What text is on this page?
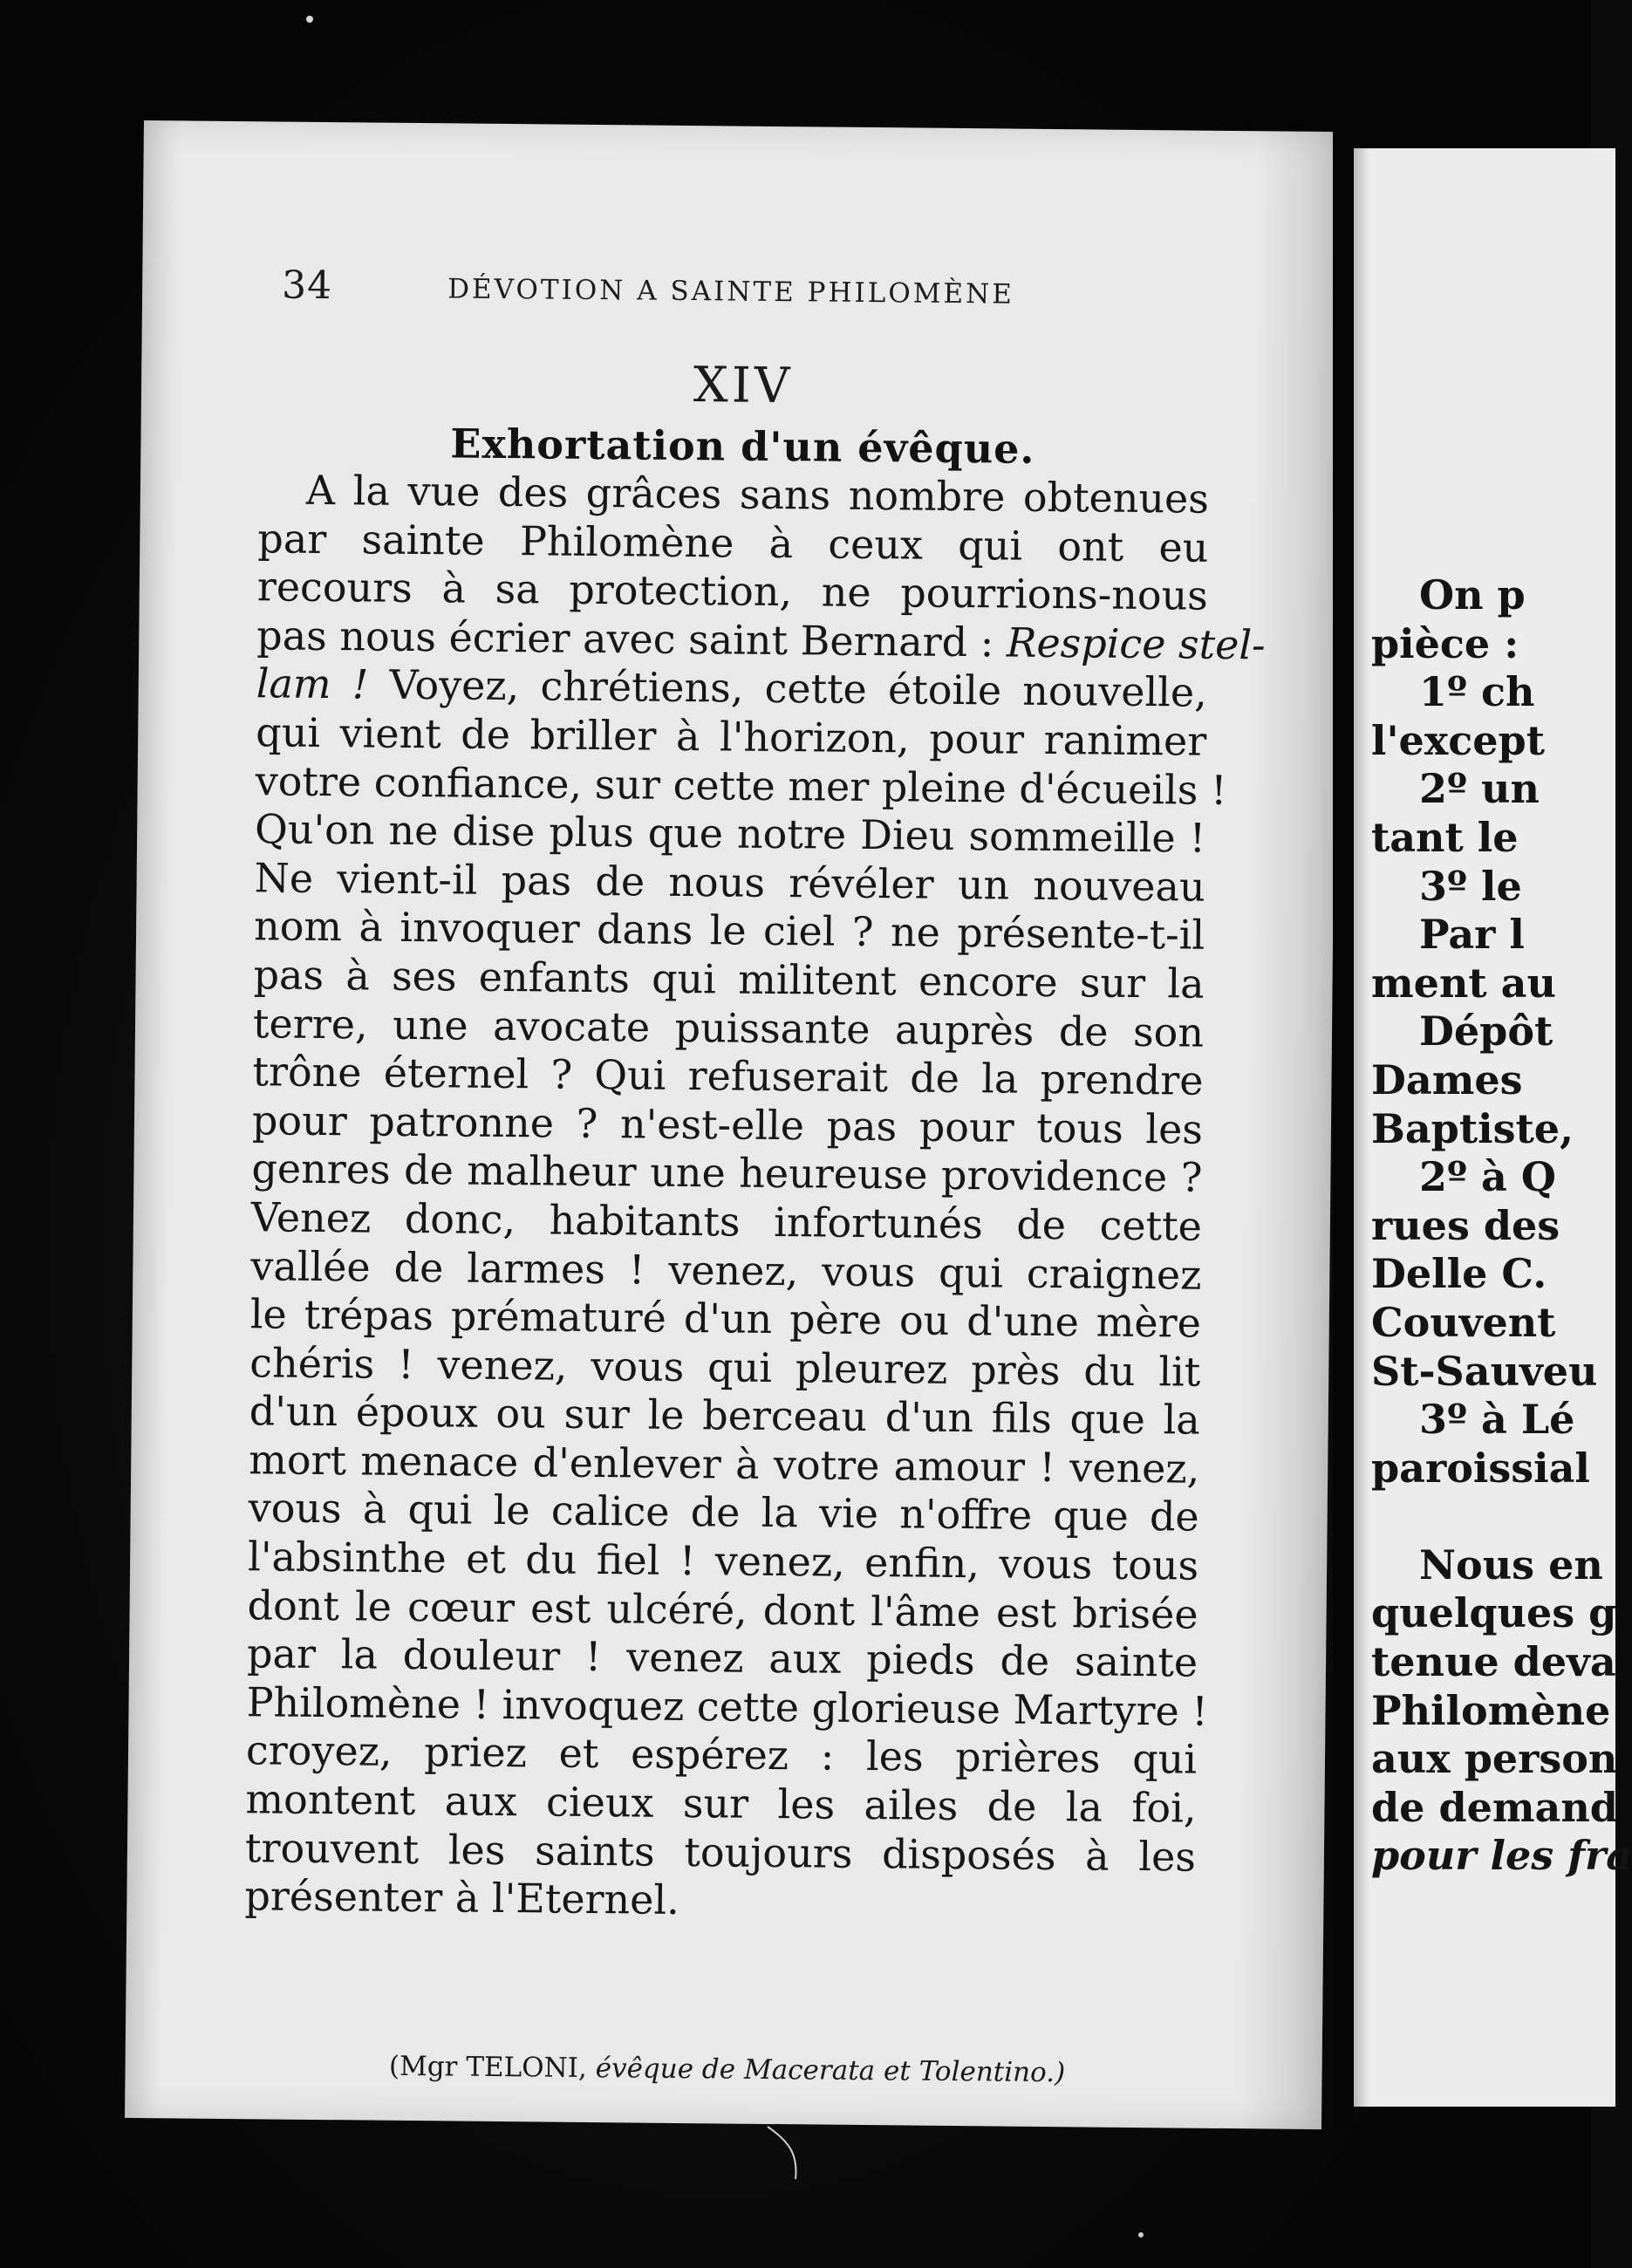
34	DÉVOTION A SAINTE PHILOMÈNE
XIV
Exhortation d'un évêque.
A la vue des grâces sans nombre obtenues
par sainte Philomène à ceux qui ont eu
recours à sa protection, ne pourrions-nous
pas nous écrier avec saint Bernard : Respice stel-
lam ! Voyez, chrétiens, cette étoile nouvelle,
qui vient de briller à l'horizon, pour ranimer
votre confiance, sur cette mer pleine d'écueils !
Qu'on ne dise plus que notre Dieu sommeille !
Ne vient-il pas de nous révéler un nouveau
nom à invoquer dans le ciel ? ne présente-t-il
pas à ses enfants qui militent encore sur la
terre, une avocate puissante auprès de son
trône éternel ? Qui refuserait de la prendre
pour patronne ? n'est-elle pas pour tous les
genres de malheur une heureuse providence ?
Venez donc, habitants infortunés de cette
vallée de larmes ! venez, vous qui craignez
le trépas prématuré d'un père ou d'une mère
chéris ! venez, vous qui pleurez près du lit
d'un époux ou sur le berceau d'un fils que la
mort menace d'enlever à votre amour ! venez,
vous à qui le calice de la vie n'offre que de
l'absinthe et du fiel ! venez, enfin, vous tous
dont le cœur est ulcéré, dont l'âme est brisée
par la douleur ! venez aux pieds de sainte
Philomène ! invoquez cette glorieuse Martyre !
croyez, priez et espérez : les prières qui
montent aux cieux sur les ailes de la foi,
trouvent les saints toujours disposés à les
présenter à l'Eternel.
(Mgr TELONI, évêque de Macerata et Tolentino.)
On p
pièce :
1º ch
l'except
2º un
tant le
3º le
Par l
ment au
Dépôt
Dames
Baptiste,
2º à Q
rues des
Delle C.
Couvent
St-Sauveu
3º à Lé
paroissial
Nous en
quelques g
tenue deva
Philomène
aux person
de demand
pour les fra
